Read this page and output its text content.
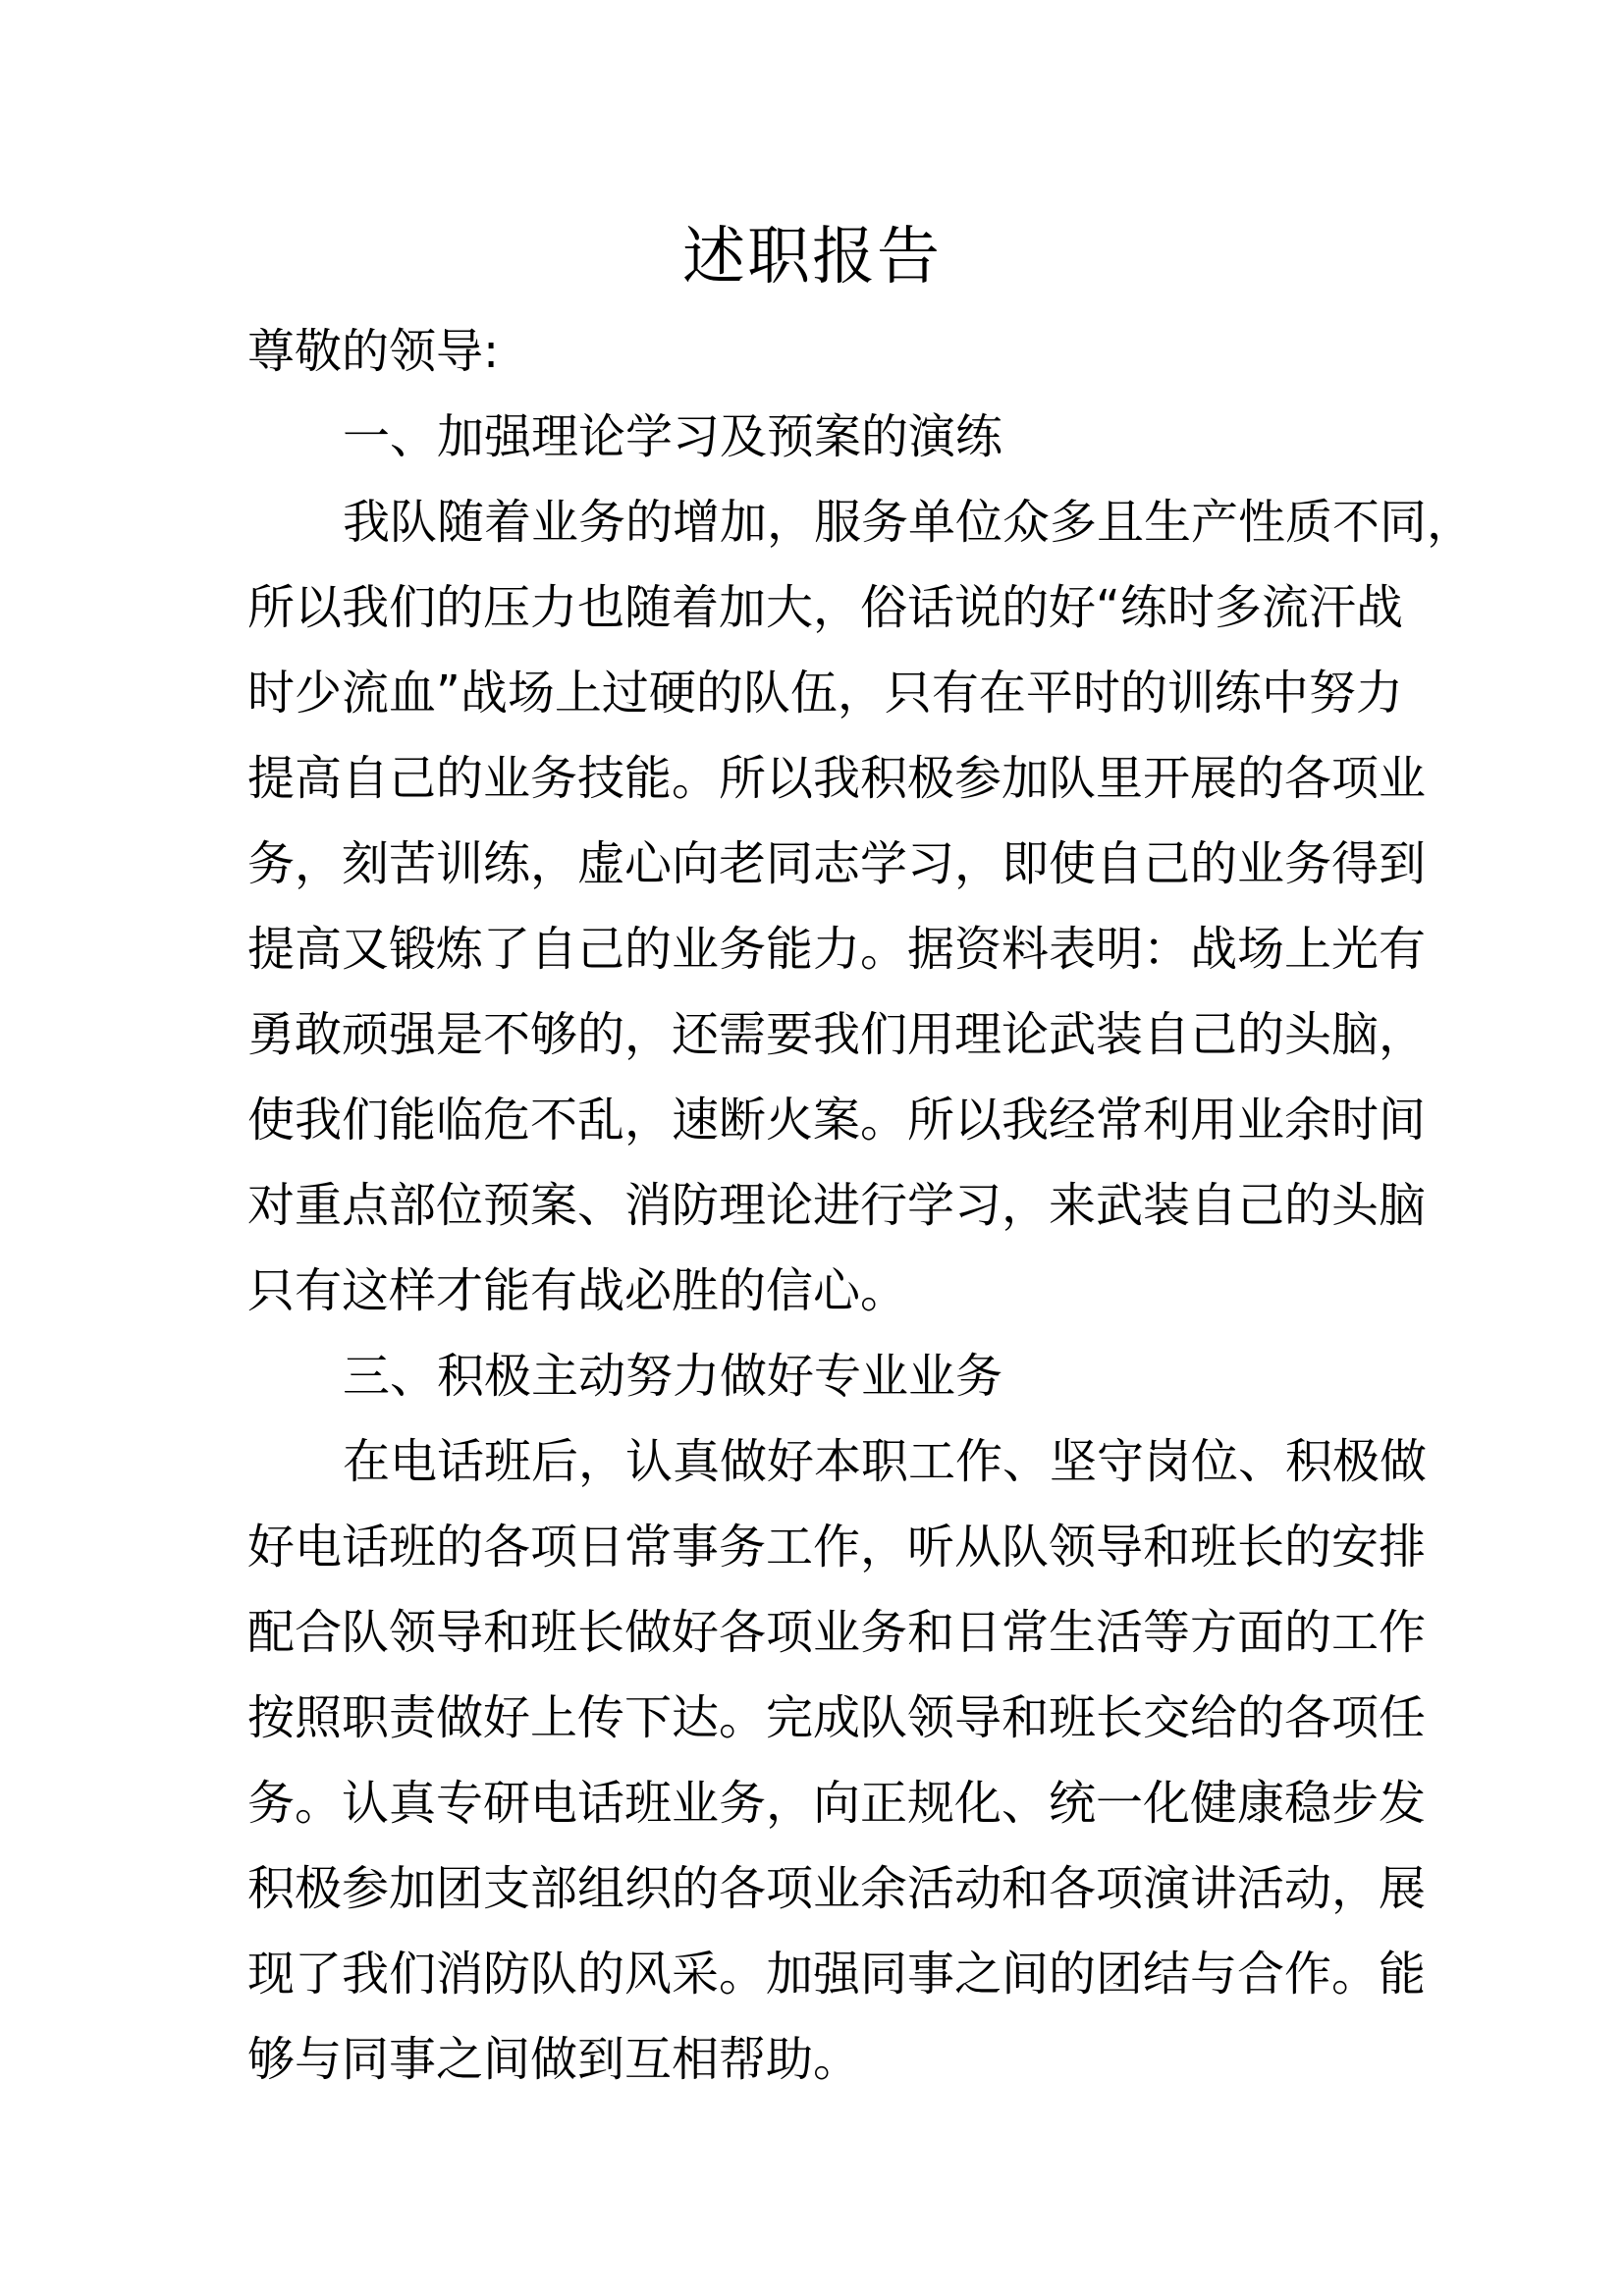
述职报告
尊敬的领导:
一、加强理论学习及预案的演练
我队随着业务的增加，服务单位众多且生产性质不同，
所以我们的压力也随着加大，俗话说的好“练时多流汗战
时少流血”战场上过硬的队伍，只有在平时的训练中努力
提高自己的业务技能。所以我积极参加队里开展的各项业
务，刻苦训练，虚心向老同志学习，即使自己的业务得到
提高又锻炼了自己的业务能力。据资料表明：战场上光有
勇敢顽强是不够的，还需要我们用理论武装自己的头脑，
使我们能临危不乱，速断火案。所以我经常利用业余时间
对重点部位预案、消防理论进行学习，来武装自己的头脑
只有这样才能有战必胜的信心。
三、积极主动努力做好专业业务
在电话班后，认真做好本职工作、坚守岗位、积极做
好电话班的各项日常事务工作，听从队领导和班长的安排
配合队领导和班长做好各项业务和日常生活等方面的工作
按照职责做好上传下达。完成队领导和班长交给的各项任
务。认真专研电话班业务，向正规化、统一化健康稳步发
积极参加团支部组织的各项业余活动和各项演讲活动，展
现了我们消防队的风采。加强同事之间的团结与合作。能
够与同事之间做到互相帮助。
